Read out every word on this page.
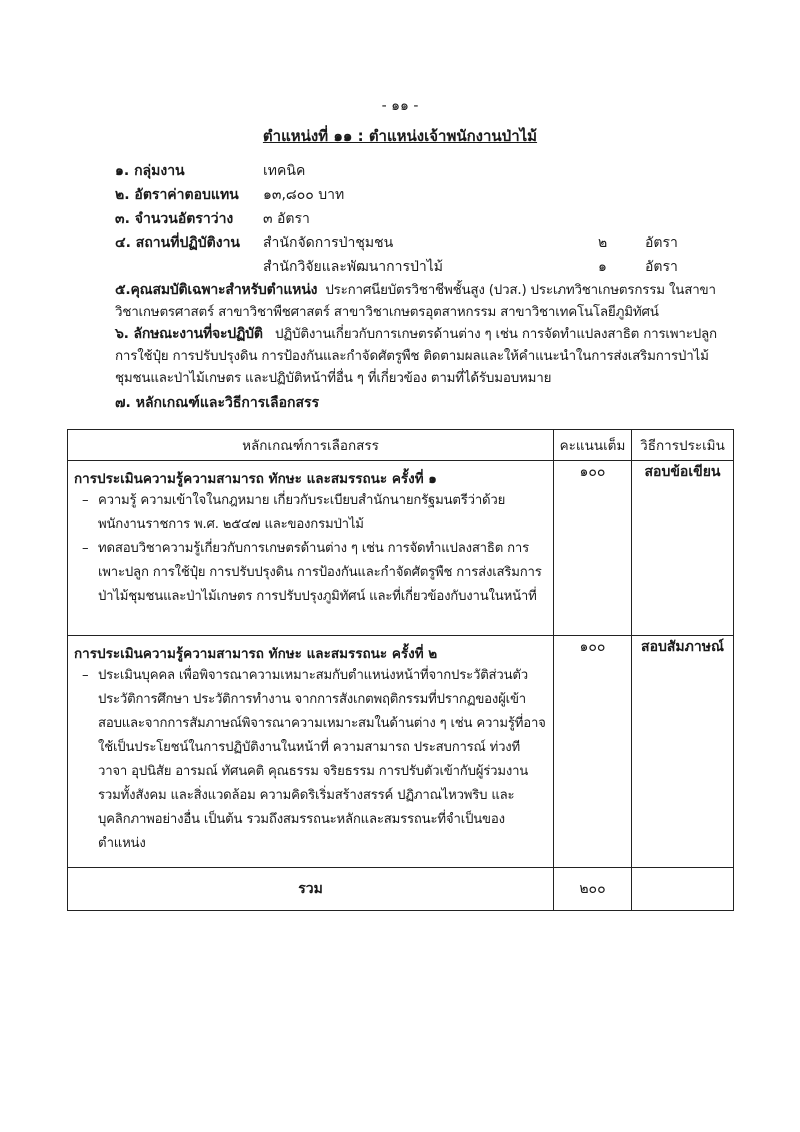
- ๑๑ -
ตำแหน่งที่ ๑๑ : ตำแหน่งเจ้าพนักงานป่าไม้
๑. กลุ่มงาน	เทคนิค
๒. อัตราค่าตอบแทน ๑๓,๘๐๐ บาท
๓. จำนวนอัตราว่าง ๓ อัตรา
๔. สถานที่ปฏิบัติงาน สำนักจัดการป่าชุมชน	๒	อัตรา
สำนักวิจัยและพัฒนาการป่าไม้	๑	อัตรา
๕.คุณสมบัติเฉพาะสำหรับตำแหน่ง ประกาศนียบัตรวิชาชีพชั้นสูง (ปวส.) ประเภทวิชาเกษตรกรรม ในสาขาวิชาเกษตรศาสตร์ สาขาวิชาพืชศาสตร์ สาขาวิชาเกษตรอุตสาหกรรม สาขาวิชาเทคโนโลยีภูมิทัศน์
๖. ลักษณะงานที่จะปฏิบัติ ปฏิบัติงานเกี่ยวกับการเกษตรด้านต่าง ๆ เช่น การจัดทำแปลงสาธิต การเพาะปลูก การใช้ปุ๋ย การปรับปรุงดิน การป้องกันและกำจัดศัตรูพืช ติดตามผลและให้คำแนะนำในการส่งเสริมการป่าไม้ชุมชนและป่าไม้เกษตร และปฏิบัติหน้าที่อื่น ๆ ที่เกี่ยวข้อง ตามที่ได้รับมอบหมาย
๗. หลักเกณฑ์และวิธีการเลือกสรร
หลักเกณฑ์การเลือกสรร	คะแนนเต็ม	วิธีการประเมิน

การประเมินความรู้ความสามารถ ทักษะ และสมรรถนะ ครั้งที่ ๑
– ความรู้ ความเข้าใจในกฎหมาย เกี่ยวกับระเบียบสำนักนายกรัฐมนตรีว่าด้วยพนักงานราชการ พ.ศ. ๒๕๔๗ และของกรมป่าไม้
– ทดสอบวิชาความรู้เกี่ยวกับการเกษตรด้านต่าง ๆ เช่น การจัดทำแปลงสาธิต การเพาะปลูก การใช้ปุ๋ย การปรับปรุงดิน การป้องกันและกำจัดศัตรูพืช การส่งเสริมการป่าไม้ชุมชนและป่าไม้เกษตร การปรับปรุงภูมิทัศน์ และที่เกี่ยวข้องกับงานในหน้าที่
	๑๐๐	สอบข้อเขียน

การประเมินความรู้ความสามารถ ทักษะ และสมรรถนะ ครั้งที่ ๒
– ประเมินบุคคล เพื่อพิจารณาความเหมาะสมกับตำแหน่งหน้าที่จากประวัติส่วนตัวประวัติการศึกษา ประวัติการทำงาน จากการสังเกตพฤติกรรมที่ปรากฏของผู้เข้าสอบและจากการสัมภาษณ์พิจารณาความเหมาะสมในด้านต่าง ๆ เช่น ความรู้ที่อาจใช้เป็นประโยชน์ในการปฏิบัติงานในหน้าที่ ความสามารถ ประสบการณ์ ท่วงทีวาจา อุปนิสัย อารมณ์ ทัศนคติ คุณธรรม จริยธรรม การปรับตัวเข้ากับผู้ร่วมงาน รวมทั้งสังคม และสิ่งแวดล้อม ความคิดริเริ่มสร้างสรรค์ ปฏิภาณไหวพริบ และบุคลิกภาพอย่างอื่น เป็นต้น รวมถึงสมรรถนะหลักและสมรรถนะที่จำเป็นของตำแหน่ง
	๑๐๐	สอบสัมภาษณ์
รวม	๒๐๐	
